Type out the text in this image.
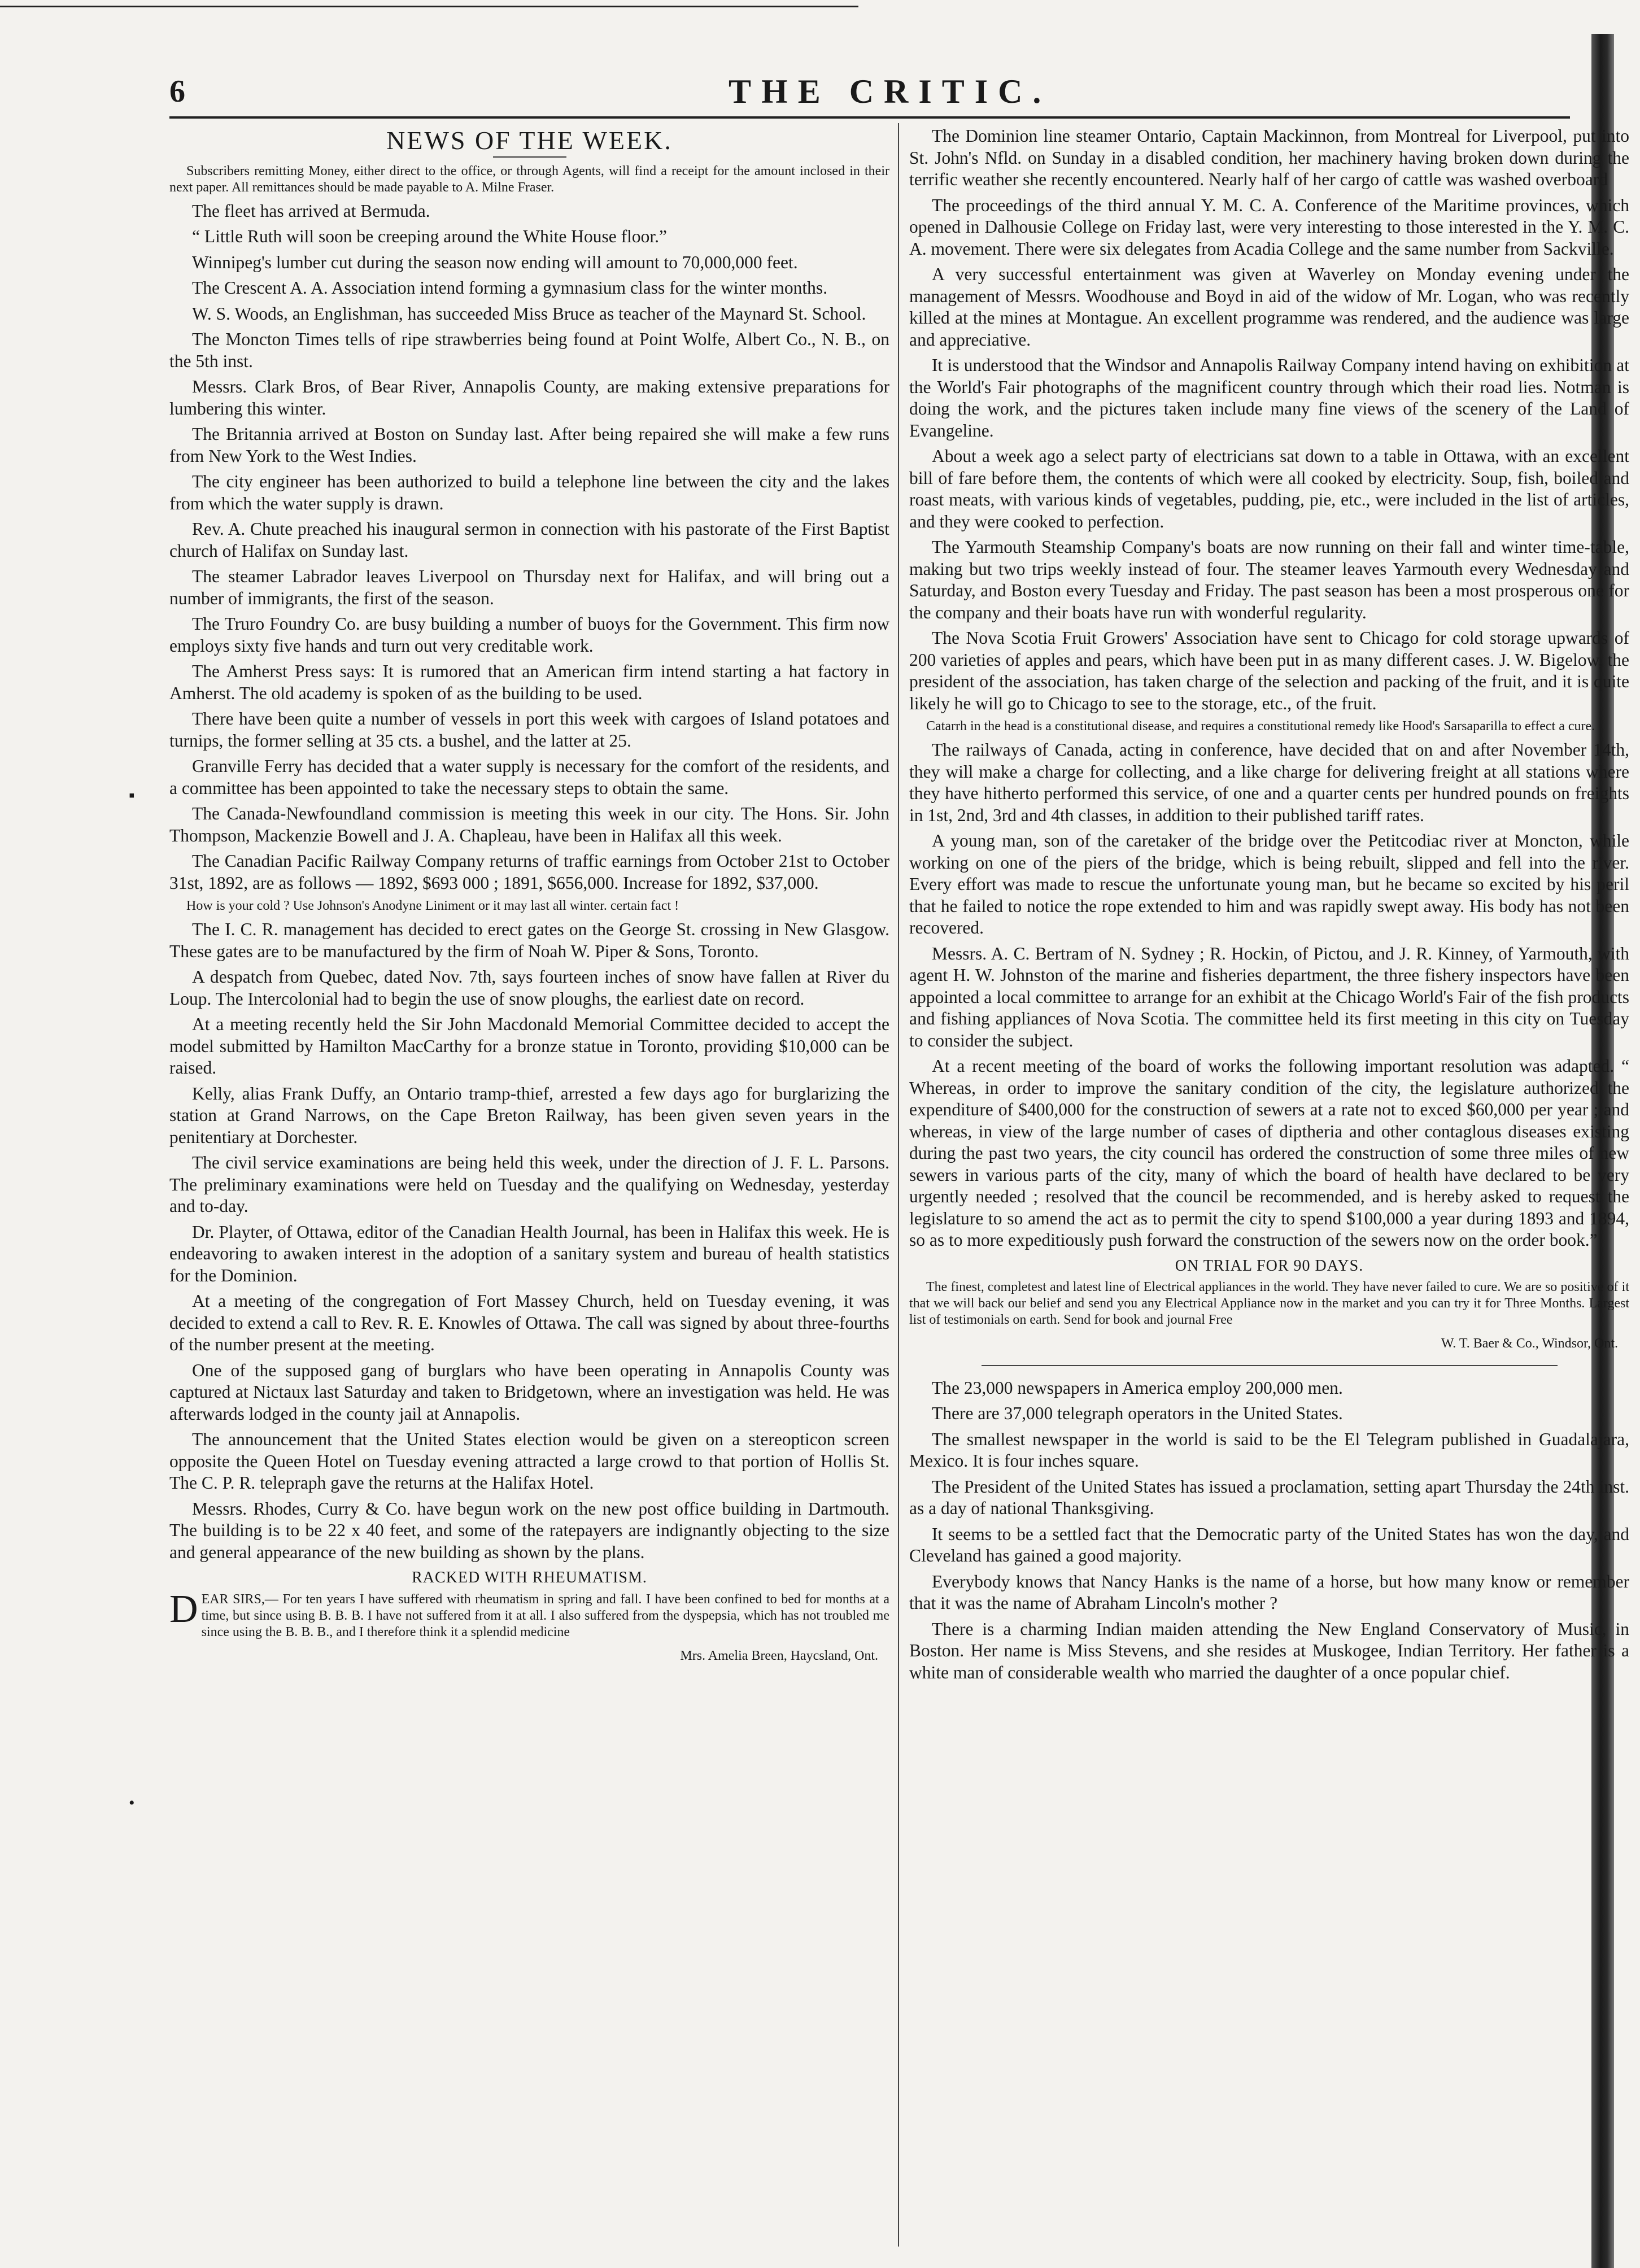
6	THE CRITIC.
▪
•
NEWS OF THE WEEK.

Subscribers remitting Money, either direct to the office, or through Agents, will find a receipt for the amount inclosed in their next paper. All remittances should be made payable to A. Milne Fraser.

The fleet has arrived at Bermuda.

“ Little Ruth will soon be creeping around the White House floor.”

Winnipeg's lumber cut during the season now ending will amount to 70,000,000 feet.

The Crescent A. A. Association intend forming a gymnasium class for the winter months.

W. S. Woods, an Englishman, has succeeded Miss Bruce as teacher of the Maynard St. School.

The Moncton Times tells of ripe strawberries being found at Point Wolfe, Albert Co., N. B., on the 5th inst.

Messrs. Clark Bros, of Bear River, Annapolis County, are making extensive preparations for lumbering this winter.

The Britannia arrived at Boston on Sunday last. After being repaired she will make a few runs from New York to the West Indies.

The city engineer has been authorized to build a telephone line between the city and the lakes from which the water supply is drawn.

Rev. A. Chute preached his inaugural sermon in connection with his pastorate of the First Baptist church of Halifax on Sunday last.

The steamer Labrador leaves Liverpool on Thursday next for Halifax, and will bring out a number of immigrants, the first of the season.

The Truro Foundry Co. are busy building a number of buoys for the Government. This firm now employs sixty five hands and turn out very creditable work.

The Amherst Press says: It is rumored that an American firm intend starting a hat factory in Amherst. The old academy is spoken of as the building to be used.

There have been quite a number of vessels in port this week with cargoes of Island potatoes and turnips, the former selling at 35 cts. a bushel, and the latter at 25.

Granville Ferry has decided that a water supply is necessary for the comfort of the residents, and a committee has been appointed to take the necessary steps to obtain the same.

The Canada-Newfoundland commission is meeting this week in our city. The Hons. Sir. John Thompson, Mackenzie Bowell and J. A. Chapleau, have been in Halifax all this week.

The Canadian Pacific Railway Company returns of traffic earnings from October 21st to October 31st, 1892, are as follows — 1892, $693 000 ; 1891, $656,000. Increase for 1892, $37,000.

How is your cold ? Use Johnson's Anodyne Liniment or it may last all winter. certain fact !

The I. C. R. management has decided to erect gates on the George St. crossing in New Glasgow. These gates are to be manufactured by the firm of Noah W. Piper & Sons, Toronto.

A despatch from Quebec, dated Nov. 7th, says fourteen inches of snow have fallen at River du Loup. The Intercolonial had to begin the use of snow ploughs, the earliest date on record.

At a meeting recently held the Sir John Macdonald Memorial Committee decided to accept the model submitted by Hamilton MacCarthy for a bronze statue in Toronto, providing $10,000 can be raised.

Kelly, alias Frank Duffy, an Ontario tramp-thief, arrested a few days ago for burglarizing the station at Grand Narrows, on the Cape Breton Railway, has been given seven years in the penitentiary at Dorchester.

The civil service examinations are being held this week, under the direction of J. F. L. Parsons. The preliminary examinations were held on Tuesday and the qualifying on Wednesday, yesterday and to-day.

Dr. Playter, of Ottawa, editor of the Canadian Health Journal, has been in Halifax this week. He is endeavoring to awaken interest in the adoption of a sanitary system and bureau of health statistics for the Dominion.

At a meeting of the congregation of Fort Massey Church, held on Tuesday evening, it was decided to extend a call to Rev. R. E. Knowles of Ottawa. The call was signed by about three-fourths of the number present at the meeting.

One of the supposed gang of burglars who have been operating in Annapolis County was captured at Nictaux last Saturday and taken to Bridgetown, where an investigation was held. He was afterwards lodged in the county jail at Annapolis.

The announcement that the United States election would be given on a stereopticon screen opposite the Queen Hotel on Tuesday evening attracted a large crowd to that portion of Hollis St. The C. P. R. telepraph gave the returns at the Halifax Hotel.

Messrs. Rhodes, Curry & Co. have begun work on the new post office building in Dartmouth. The building is to be 22 x 40 feet, and some of the ratepayers are indignantly objecting to the size and general appearance of the new building as shown by the plans.

RACKED WITH RHEUMATISM.

DEAR SIRS,— For ten years I have suffered with rheumatism in spring and fall. I have been confined to bed for months at a time, but since using B. B. B. I have not suffered from it at all. I also suffered from the dyspepsia, which has not troubled me since using the B. B. B., and I therefore think it a splendid medicine

Mrs. Amelia Breen, Haycsland, Ont.

The Dominion line steamer Ontario, Captain Mackinnon, from Montreal for Liverpool, put into St. John's Nfld. on Sunday in a disabled condition, her machinery having broken down during the terrific weather she recently encountered. Nearly half of her cargo of cattle was washed overboard

The proceedings of the third annual Y. M. C. A. Conference of the Maritime provinces, which opened in Dalhousie College on Friday last, were very interesting to those interested in the Y. M. C. A. movement. There were six delegates from Acadia College and the same number from Sackville.

A very successful entertainment was given at Waverley on Monday evening under the management of Messrs. Woodhouse and Boyd in aid of the widow of Mr. Logan, who was recently killed at the mines at Montague. An excellent programme was rendered, and the audience was large and appreciative.

It is understood that the Windsor and Annapolis Railway Company intend having on exhibition at the World's Fair photographs of the magnificent country through which their road lies. Notman is doing the work, and the pictures taken include many fine views of the scenery of the Land of Evangeline.

About a week ago a select party of electricians sat down to a table in Ottawa, with an excellent bill of fare before them, the contents of which were all cooked by electricity. Soup, fish, boiled and roast meats, with various kinds of vegetables, pudding, pie, etc., were included in the list of articles, and they were cooked to perfection.

The Yarmouth Steamship Company's boats are now running on their fall and winter time-table, making but two trips weekly instead of four. The steamer leaves Yarmouth every Wednesday and Saturday, and Boston every Tuesday and Friday. The past season has been a most prosperous one for the company and their boats have run with wonderful regularity.

The Nova Scotia Fruit Growers' Association have sent to Chicago for cold storage upwards of 200 varieties of apples and pears, which have been put in as many different cases. J. W. Bigelow, the president of the association, has taken charge of the selection and packing of the fruit, and it is quite likely he will go to Chicago to see to the storage, etc., of the fruit.

Catarrh in the head is a constitutional disease, and requires a constitutional remedy like Hood's Sarsaparilla to effect a cure.

The railways of Canada, acting in conference, have decided that on and after November 14th, they will make a charge for collecting, and a like charge for delivering freight at all stations where they have hitherto performed this service, of one and a quarter cents per hundred pounds on freights in 1st, 2nd, 3rd and 4th classes, in addition to their published tariff rates.

A young man, son of the caretaker of the bridge over the Petitcodiac river at Moncton, while working on one of the piers of the bridge, which is being rebuilt, slipped and fell into the river. Every effort was made to rescue the unfortunate young man, but he became so excited by his peril that he failed to notice the rope extended to him and was rapidly swept away. His body has not been recovered.

Messrs. A. C. Bertram of N. Sydney ; R. Hockin, of Pictou, and J. R. Kinney, of Yarmouth, with agent H. W. Johnston of the marine and fisheries department, the three fishery inspectors have been appointed a local committee to arrange for an exhibit at the Chicago World's Fair of the fish products and fishing appliances of Nova Scotia. The committee held its first meeting in this city on Tuesday to consider the subject.

At a recent meeting of the board of works the following important resolution was adapted. “ Whereas, in order to improve the sanitary condition of the city, the legislature authorized the expenditure of $400,000 for the construction of sewers at a rate not to exced $60,000 per year ; and whereas, in view of the large number of cases of diptheria and other contaglous diseases existing during the past two years, the city council has ordered the construction of some three miles of new sewers in various parts of the city, many of which the board of health have declared to be very urgently needed ; resolved that the council be recommended, and is hereby asked to request the legislature to so amend the act as to permit the city to spend $100,000 a year during 1893 and 1894, so as to more expeditiously push forward the construction of the sewers now on the order book.”

ON TRIAL FOR 90 DAYS.

The finest, completest and latest line of Electrical appliances in the world. They have never failed to cure. We are so positive of it that we will back our belief and send you any Electrical Appliance now in the market and you can try it for Three Months. Largest list of testimonials on earth. Send for book and journal Free

W. T. Baer & Co., Windsor, Ont.

The 23,000 newspapers in America employ 200,000 men.

There are 37,000 telegraph operators in the United States.

The smallest newspaper in the world is said to be the El Telegram published in Guadalajara, Mexico. It is four inches square.

The President of the United States has issued a proclamation, setting apart Thursday the 24th inst. as a day of national Thanksgiving.

It seems to be a settled fact that the Democratic party of the United States has won the day, and Cleveland has gained a good majority.

Everybody knows that Nancy Hanks is the name of a horse, but how many know or remember that it was the name of Abraham Lincoln's mother ?

There is a charming Indian maiden attending the New England Conservatory of Music, in Boston. Her name is Miss Stevens, and she resides at Muskogee, Indian Territory. Her father is a white man of considerable wealth who married the daughter of a once popular chief.
